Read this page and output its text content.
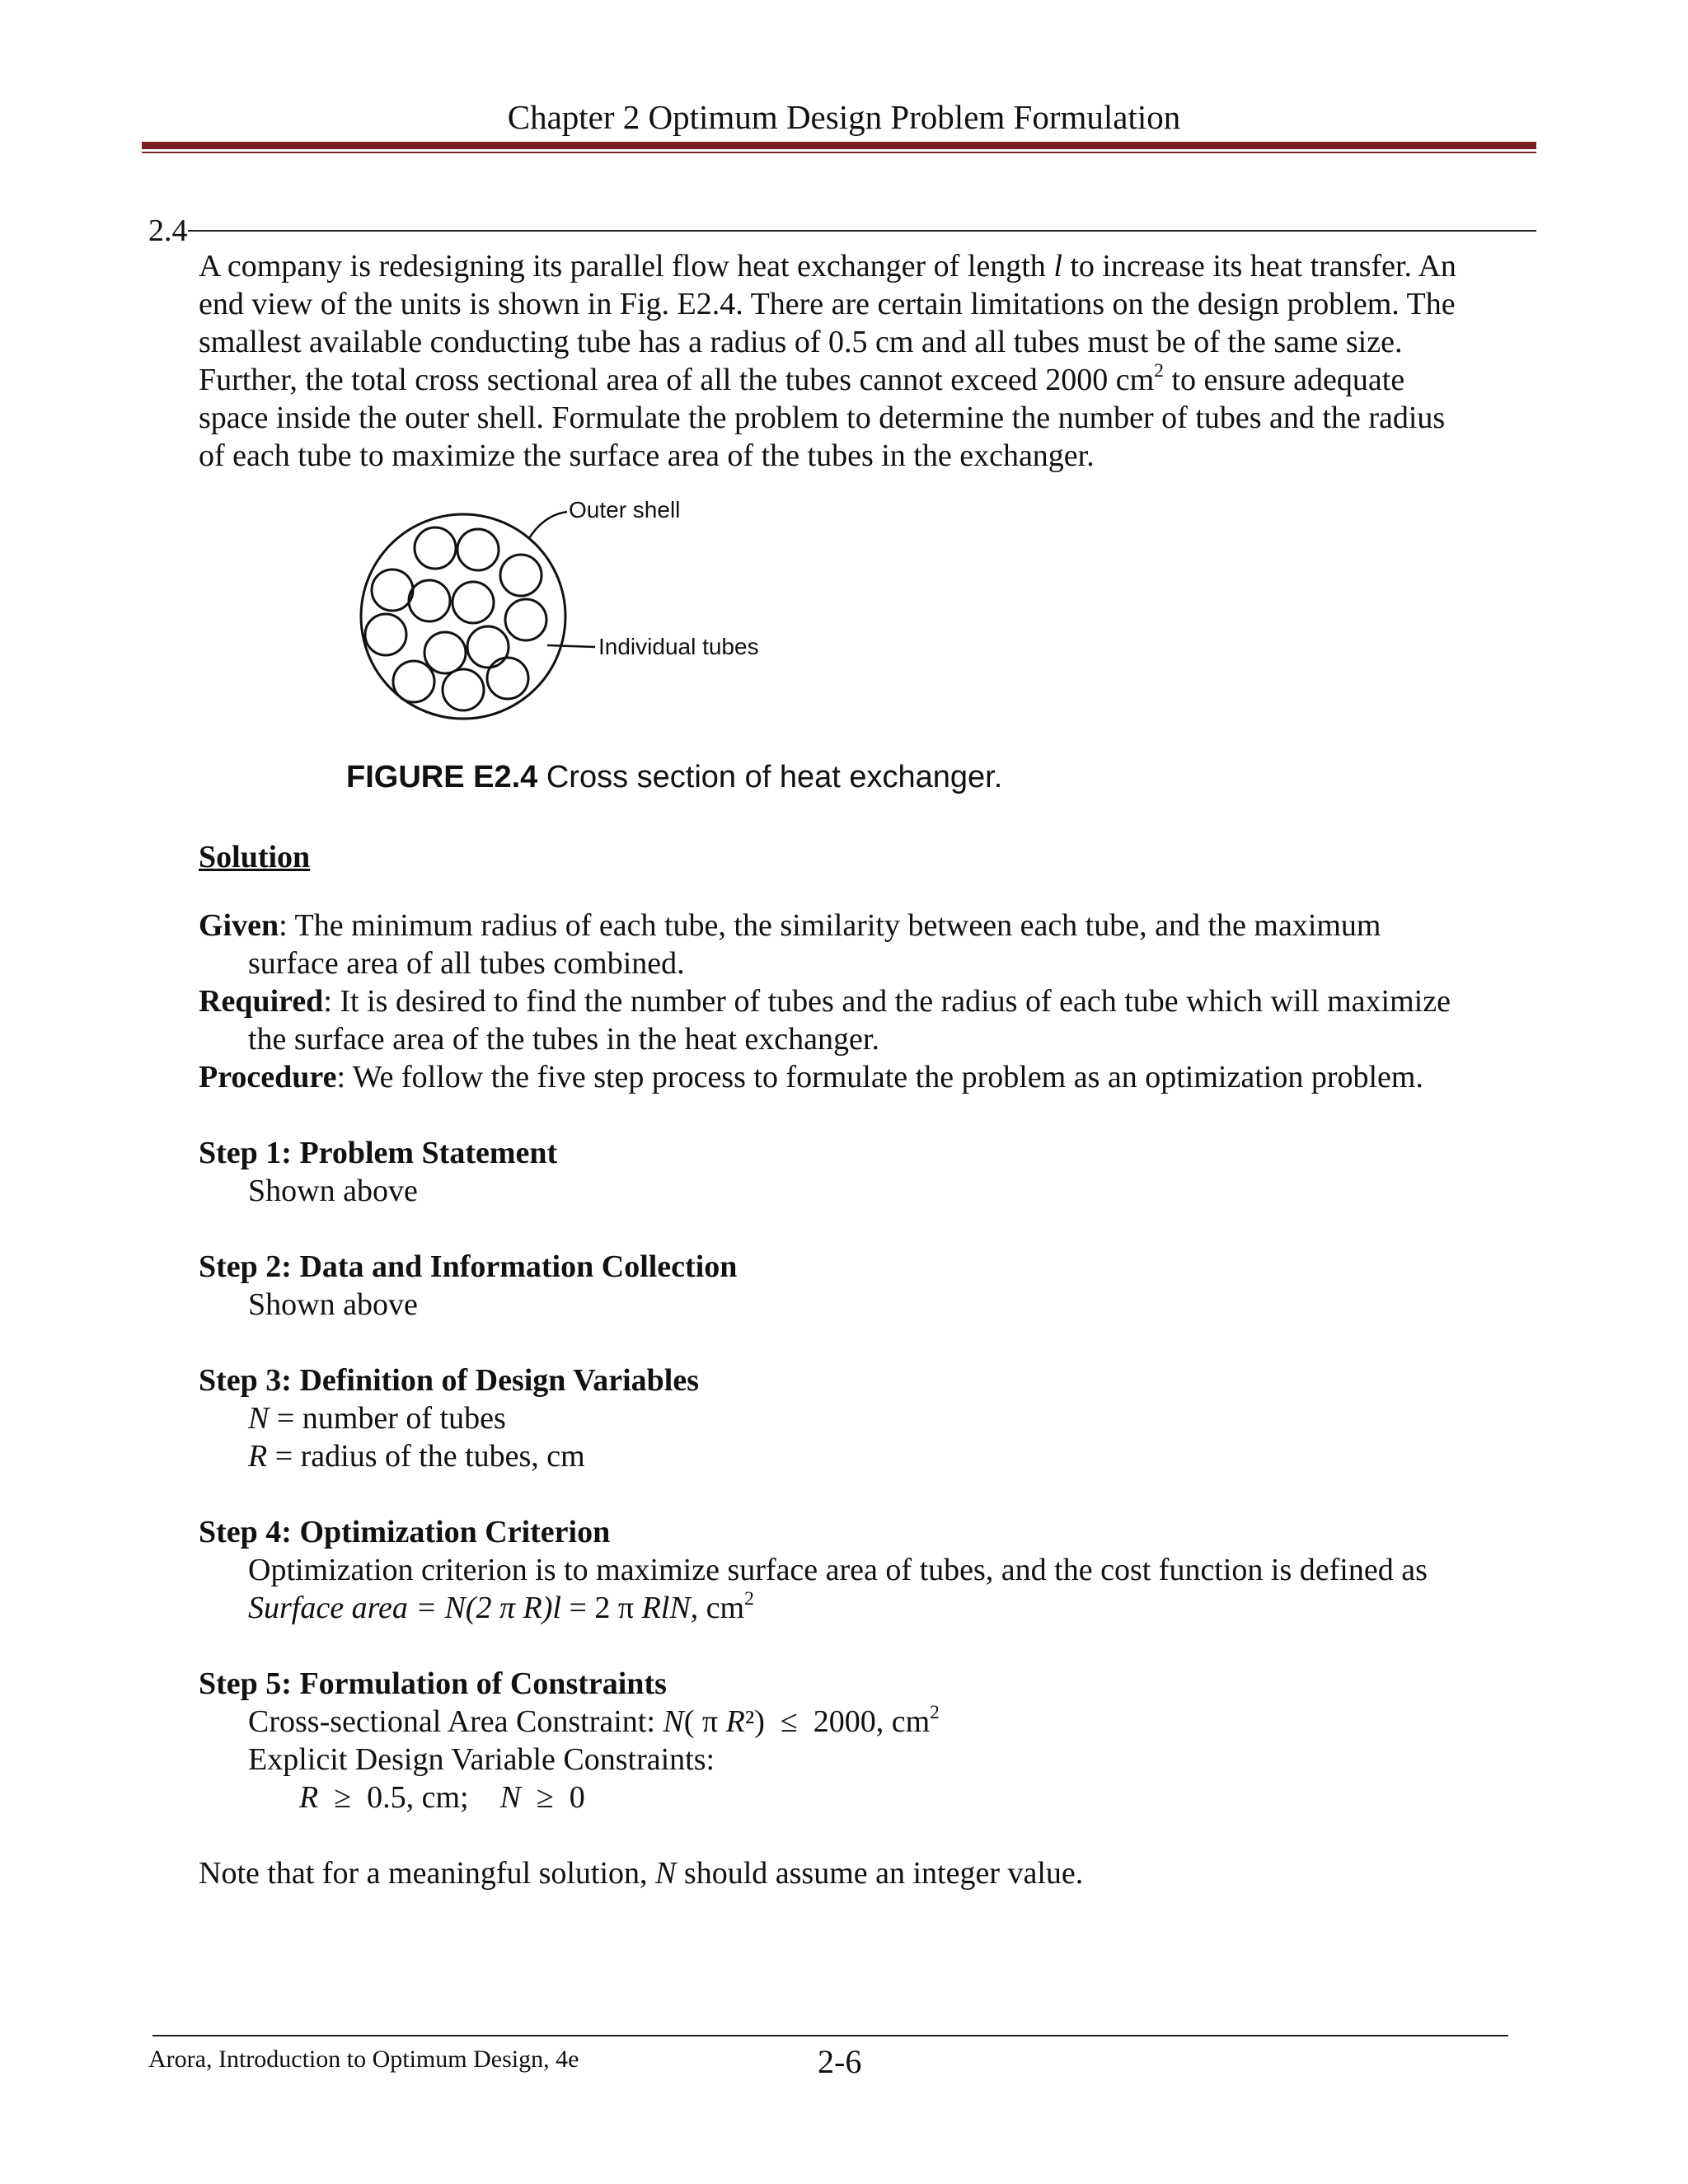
Chapter 2 Optimum Design Problem Formulation
2.4

A company is redesigning its parallel flow heat exchanger of length l to increase its heat transfer. An

end view of the units is shown in Fig. E2.4. There are certain limitations on the design problem. The

smallest available conducting tube has a radius of 0.5 cm and all tubes must be of the same size.

Further, the total cross sectional area of all the tubes cannot exceed 2000 $cm^2$ to ensure adequate

space inside the outer shell. Formulate the problem to determine the number of tubes and the radius

of each tube to maximize the surface area of the tubes in the exchanger.

Outer shell
Individual tubes
FIGURE E2.4 Cross section of heat exchanger.
Solution

Given: The minimum radius of each tube, the similarity between each tube, and the maximum

surface area of all tubes combined.

Required: It is desired to find the number of tubes and the radius of each tube which will maximize

the surface area of the tubes in the heat exchanger.

Procedure: We follow the five step process to formulate the problem as an optimization problem.

Step 1: Problem Statement

Shown above

Step 2: Data and Information Collection

Shown above

Step 3: Definition of Design Variables

N = number of tubes

R = radius of the tubes, cm

Step 4: Optimization Criterion

Optimization criterion is to maximize surface area of tubes, and the cost function is defined as

Surface area = N(2 π R)l = 2 π RlN, $cm^2$

Step 5: Formulation of Constraints

Cross-sectional Area Constraint: N( π R²)  ≤  2000, $cm^2$

Explicit Design Variable Constraints:

R  ≥  0.5, cm;    N  ≥  0

Note that for a meaningful solution, N should assume an integer value.
Arora, Introduction to Optimum Design, 4e	2-6
